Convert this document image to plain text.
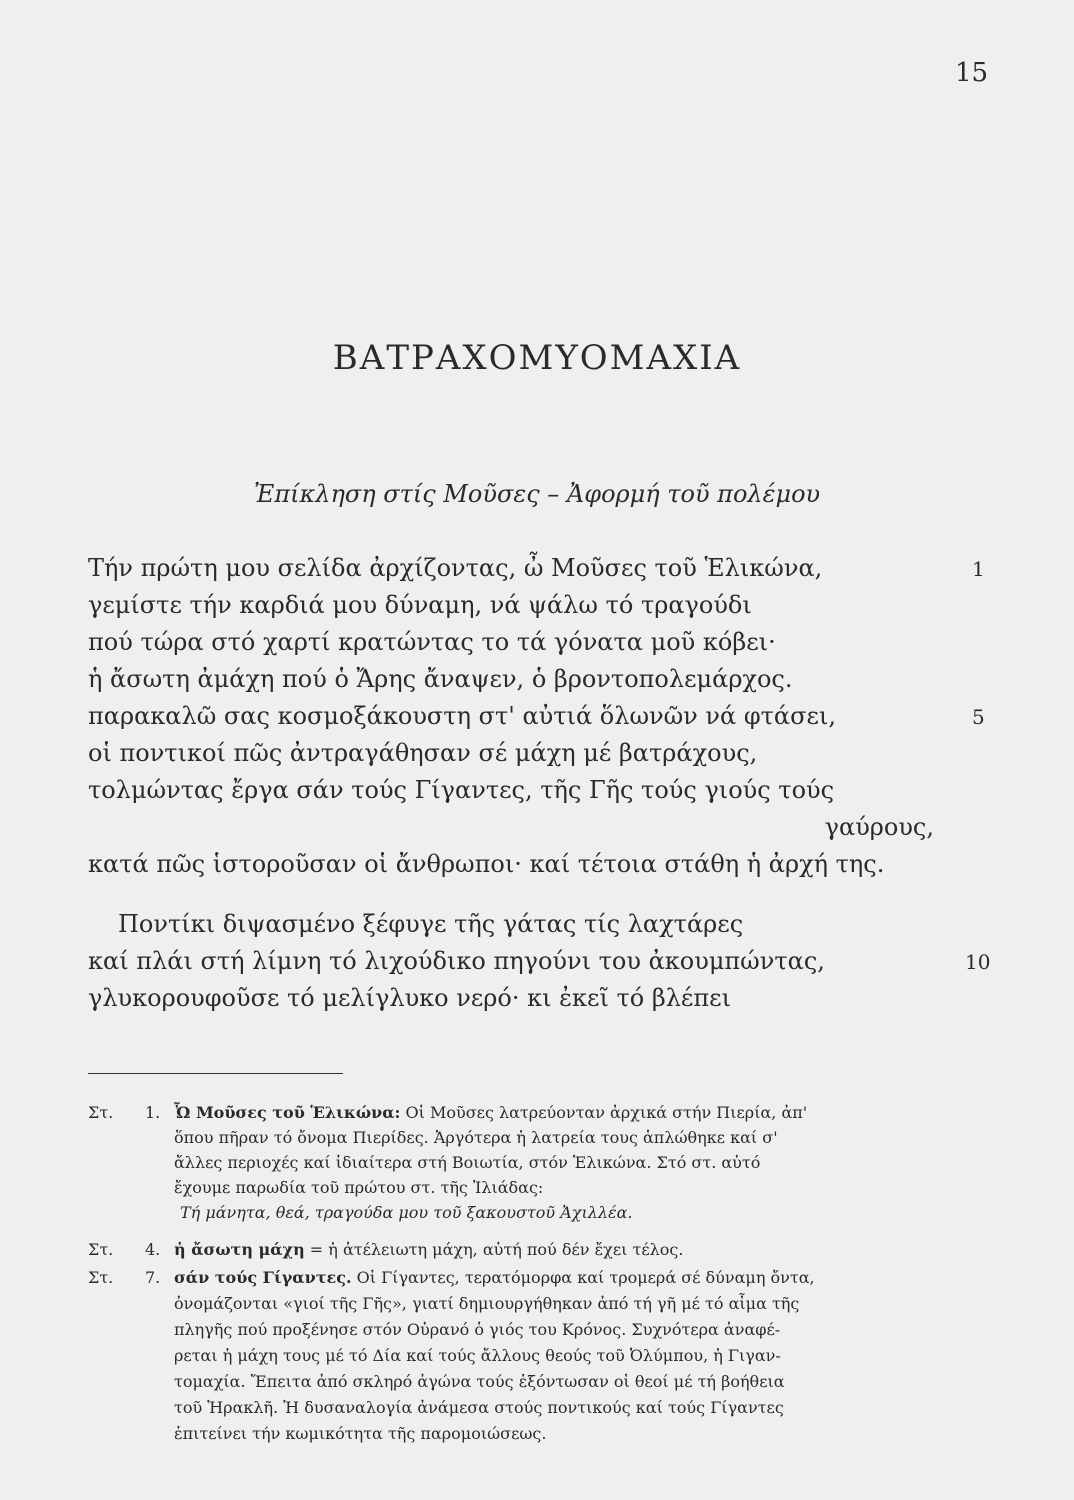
15
ΒΑΤΡΑΧΟΜΥΟΜΑΧΙΑ
Ἐπίκληση στίς Μοῦσες – Ἀφορμή τοῦ πολέμου
Τήν πρώτη μου σελίδα ἀρχίζοντας, ὦ Μοῦσες τοῦ Ἑλικώνα,
γεμίστε τήν καρδιά μου δύναμη, νά ψάλω τό τραγούδι
πού τώρα στό χαρτί κρατώντας το τά γόνατα μοῦ κόβει·
ἡ ἄσωτη ἀμάχη πού ὁ Ἄρης ἄναψεν, ὁ βροντοπολεμάρχος.
παρακαλῶ σας κοσμοξάκουστη στ' αὐτιά ὅλωνῶν νά φτάσει,
οἱ ποντικοί πῶς ἀντραγάθησαν σέ μάχη μέ βατράχους,
τολμώντας ἔργα σάν τούς Γίγαντες, τῆς Γῆς τούς γιούς τούς
γαύρους,
κατά πῶς ἱστοροῦσαν οἱ ἄνθρωποι· καί τέτοια στάθη ἡ ἀρχή της.
Ποντίκι διψασμένο ξέφυγε τῆς γάτας τίς λαχτάρες
καί πλάι στή λίμνη τό λιχούδικο πηγούνι του ἀκουμπώντας,
γλυκορουφοῦσε τό μελίγλυκο νερό· κι ἐκεῖ τό βλέπει
1
5
10
Στ. 1. Ὦ Μοῦσες τοῦ Ἑλικώνα: Οἱ Μοῦσες λατρεύονταν ἀρχικά στήν Πιερία, ἀπ'
ὅπου πῆραν τό ὄνομα Πιερίδες. Ἀργότερα ἡ λατρεία τους ἁπλώθηκε καί σ'
ἄλλες περιοχές καί ἰδιαίτερα στή Βοιωτία, στόν Ἑλικώνα. Στό στ. αὐτό
ἔχουμε παρωδία τοῦ πρώτου στ. τῆς Ἰλιάδας:
Τή μάνητα, θεά, τραγούδα μου τοῦ ξακουστοῦ Ἀχιλλέα.
Στ. 4. ἡ ἄσωτη μάχη = ἡ ἀτέλειωτη μάχη, αὐτή πού δέν ἔχει τέλος.
Στ. 7. σάν τούς Γίγαντες. Οἱ Γίγαντες, τερατόμορφα καί τρομερά σέ δύναμη ὄντα,
ὀνομάζονται «γιοί τῆς Γῆς», γιατί δημιουργήθηκαν ἀπό τή γῆ μέ τό αἷμα τῆς
πληγῆς πού προξένησε στόν Οὐρανό ὁ γιός του Κρόνος. Συχνότερα ἀναφέ-
ρεται ἡ μάχη τους μέ τό Δία καί τούς ἄλλους θεούς τοῦ Ὀλύμπου, ἡ Γιγαν-
τομαχία. Ἔπειτα ἀπό σκληρό ἀγώνα τούς ἐξόντωσαν οἱ θεοί μέ τή βοήθεια
τοῦ Ἡρακλῆ. Ἡ δυσαναλογία ἀνάμεσα στούς ποντικούς καί τούς Γίγαντες
ἐπιτείνει τήν κωμικότητα τῆς παρομοιώσεως.
